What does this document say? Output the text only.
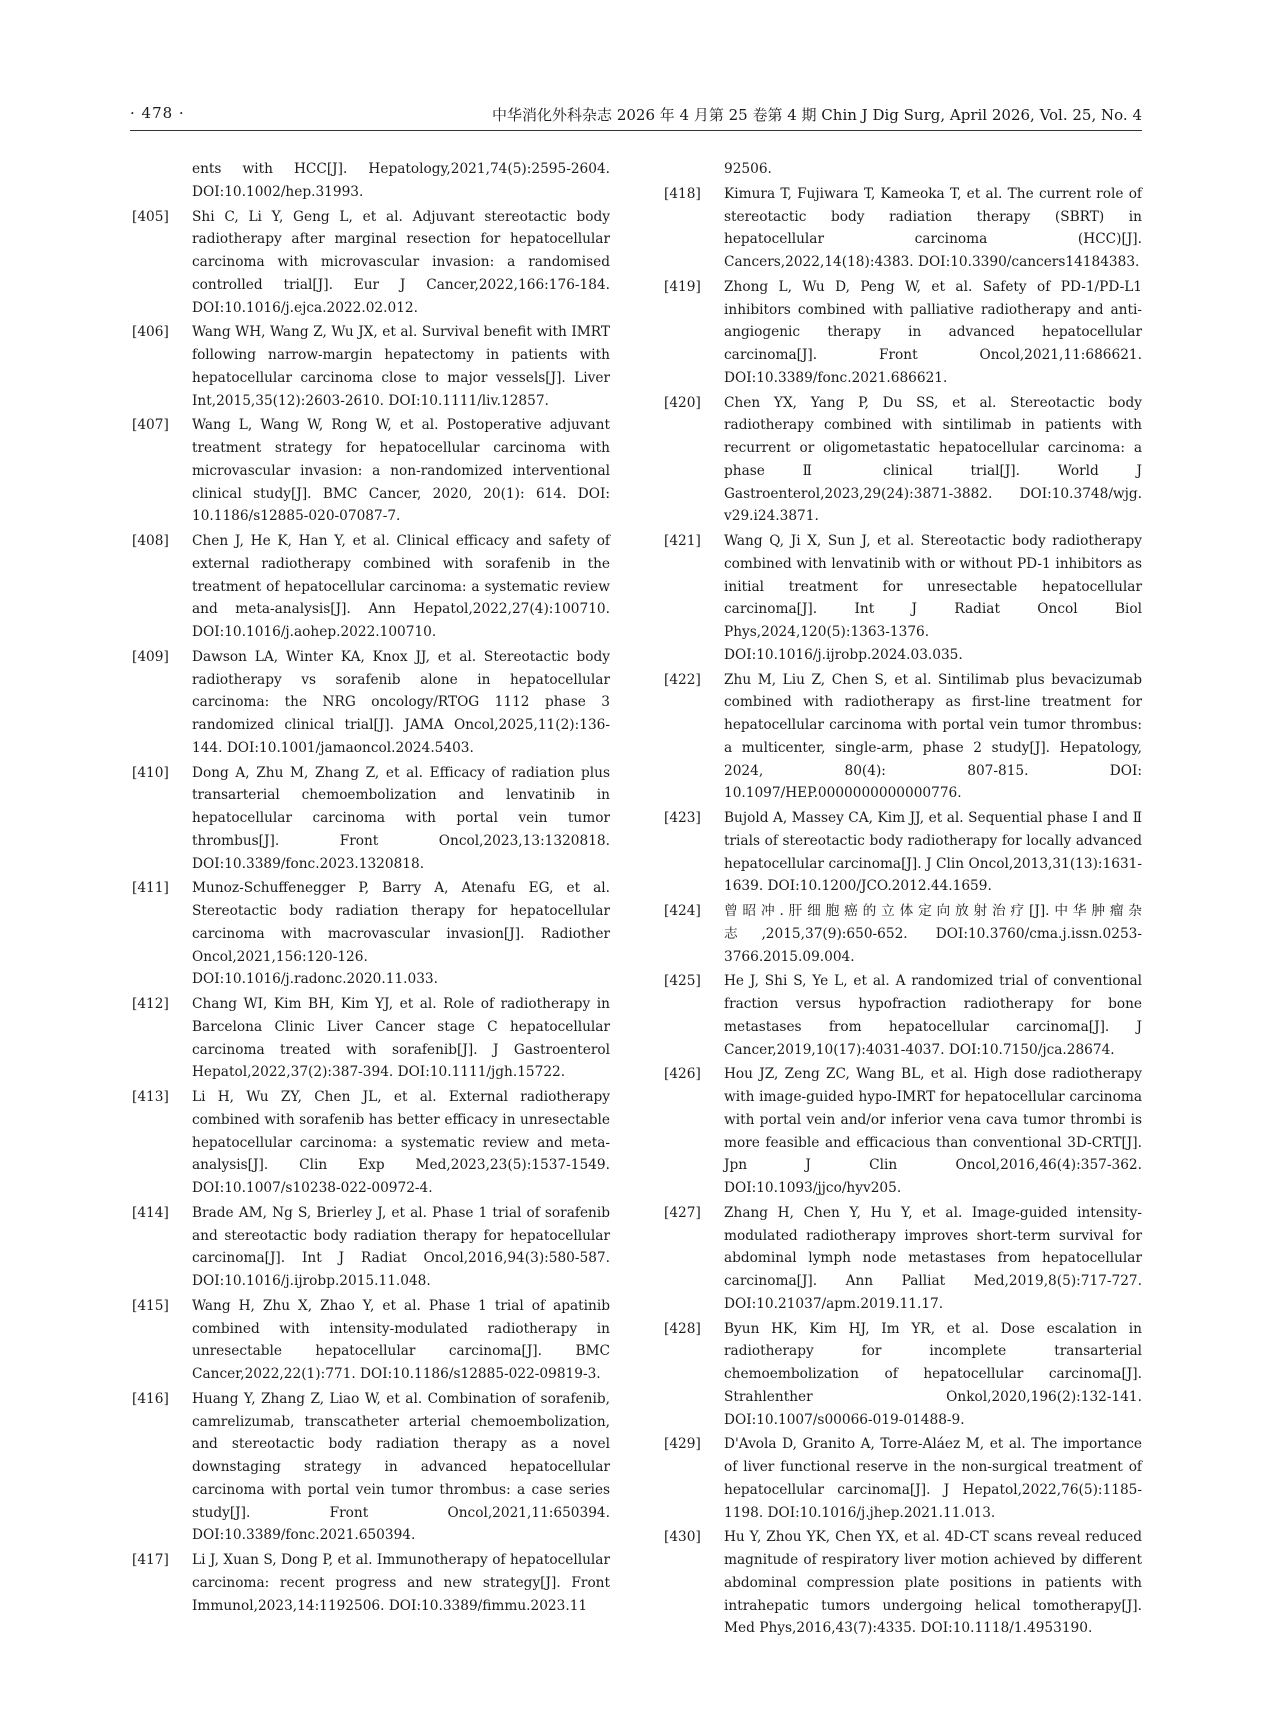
· 478 ·	中华消化外科杂志 2026 年 4 月第 25 卷第 4 期 Chin J Dig Surg, April 2026, Vol. 25, No. 4
ents with HCC[J]. Hepatology,2021,74(5):2595-2604. DOI:10.1002/hep.31993.
[405] Shi C, Li Y, Geng L, et al. Adjuvant stereotactic body radiotherapy after marginal resection for hepatocellular carcinoma with microvascular invasion: a randomised controlled trial[J]. Eur J Cancer,2022,166:176-184. DOI:10.1016/j.ejca.2022.02.012.
[406] Wang WH, Wang Z, Wu JX, et al. Survival benefit with IMRT following narrow-margin hepatectomy in patients with hepatocellular carcinoma close to major vessels[J]. Liver Int,2015,35(12):2603-2610. DOI:10.1111/liv.12857.
[407] Wang L, Wang W, Rong W, et al. Postoperative adjuvant treatment strategy for hepatocellular carcinoma with microvascular invasion: a non-randomized interventional clinical study[J]. BMC Cancer, 2020, 20(1): 614. DOI: 10.1186/s12885-020-07087-7.
[408] Chen J, He K, Han Y, et al. Clinical efficacy and safety of external radiotherapy combined with sorafenib in the treatment of hepatocellular carcinoma: a systematic review and meta-analysis[J]. Ann Hepatol,2022,27(4):100710. DOI:10.1016/j.aohep.2022.100710.
[409] Dawson LA, Winter KA, Knox JJ, et al. Stereotactic body radiotherapy vs sorafenib alone in hepatocellular carcinoma: the NRG oncology/RTOG 1112 phase 3 randomized clinical trial[J]. JAMA Oncol,2025,11(2):136-144. DOI:10.1001/jamaoncol.2024.5403.
[410] Dong A, Zhu M, Zhang Z, et al. Efficacy of radiation plus transarterial chemoembolization and lenvatinib in hepatocellular carcinoma with portal vein tumor thrombus[J]. Front Oncol,2023,13:1320818. DOI:10.3389/fonc.2023.1320818.
[411] Munoz-Schuffenegger P, Barry A, Atenafu EG, et al. Stereotactic body radiation therapy for hepatocellular carcinoma with macrovascular invasion[J]. Radiother Oncol,2021,156:120-126. DOI:10.1016/j.radonc.2020.11.033.
[412] Chang WI, Kim BH, Kim YJ, et al. Role of radiotherapy in Barcelona Clinic Liver Cancer stage C hepatocellular carcinoma treated with sorafenib[J]. J Gastroenterol Hepatol,2022,37(2):387-394. DOI:10.1111/jgh.15722.
[413] Li H, Wu ZY, Chen JL, et al. External radiotherapy combined with sorafenib has better efficacy in unresectable hepatocellular carcinoma: a systematic review and meta-analysis[J]. Clin Exp Med,2023,23(5):1537-1549. DOI:10.1007/s10238-022-00972-4.
[414] Brade AM, Ng S, Brierley J, et al. Phase 1 trial of sorafenib and stereotactic body radiation therapy for hepatocellular carcinoma[J]. Int J Radiat Oncol,2016,94(3):580-587. DOI:10.1016/j.ijrobp.2015.11.048.
[415] Wang H, Zhu X, Zhao Y, et al. Phase 1 trial of apatinib combined with intensity-modulated radiotherapy in unresectable hepatocellular carcinoma[J]. BMC Cancer,2022,22(1):771. DOI:10.1186/s12885-022-09819-3.
[416] Huang Y, Zhang Z, Liao W, et al. Combination of sorafenib, camrelizumab, transcatheter arterial chemoembolization, and stereotactic body radiation therapy as a novel downstaging strategy in advanced hepatocellular carcinoma with portal vein tumor thrombus: a case series study[J]. Front Oncol,2021,11:650394. DOI:10.3389/fonc.2021.650394.
[417] Li J, Xuan S, Dong P, et al. Immunotherapy of hepatocellular carcinoma: recent progress and new strategy[J]. Front Immunol,2023,14:1192506. DOI:10.3389/fimmu.2023.11
92506.
[418] Kimura T, Fujiwara T, Kameoka T, et al. The current role of stereotactic body radiation therapy (SBRT) in hepatocellular carcinoma (HCC)[J]. Cancers,2022,14(18):4383. DOI:10.3390/cancers14184383.
[419] Zhong L, Wu D, Peng W, et al. Safety of PD-1/PD-L1 inhibitors combined with palliative radiotherapy and anti-angiogenic therapy in advanced hepatocellular carcinoma[J]. Front Oncol,2021,11:686621. DOI:10.3389/fonc.2021.686621.
[420] Chen YX, Yang P, Du SS, et al. Stereotactic body radiotherapy combined with sintilimab in patients with recurrent or oligometastatic hepatocellular carcinoma: a phase Ⅱ clinical trial[J]. World J Gastroenterol,2023,29(24):3871-3882. DOI:10.3748/wjg. v29.i24.3871.
[421] Wang Q, Ji X, Sun J, et al. Stereotactic body radiotherapy combined with lenvatinib with or without PD-1 inhibitors as initial treatment for unresectable hepatocellular carcinoma[J]. Int J Radiat Oncol Biol Phys,2024,120(5):1363-1376. DOI:10.1016/j.ijrobp.2024.03.035.
[422] Zhu M, Liu Z, Chen S, et al. Sintilimab plus bevacizumab combined with radiotherapy as first-line treatment for hepatocellular carcinoma with portal vein tumor thrombus: a multicenter, single-arm, phase 2 study[J]. Hepatology, 2024, 80(4): 807-815. DOI: 10.1097/HEP.0000000000000776.
[423] Bujold A, Massey CA, Kim JJ, et al. Sequential phase Ⅰ and Ⅱ trials of stereotactic body radiotherapy for locally advanced hepatocellular carcinoma[J]. J Clin Oncol,2013,31(13):1631-1639. DOI:10.1200/JCO.2012.44.1659.
[424] 曾昭冲.肝细胞癌的立体定向放射治疗[J].中华肿瘤杂志,2015,37(9):650-652. DOI:10.3760/cma.j.issn.0253-3766.2015.09.004.
[425] He J, Shi S, Ye L, et al. A randomized trial of conventional fraction versus hypofraction radiotherapy for bone metastases from hepatocellular carcinoma[J]. J Cancer,2019,10(17):4031-4037. DOI:10.7150/jca.28674.
[426] Hou JZ, Zeng ZC, Wang BL, et al. High dose radiotherapy with image-guided hypo-IMRT for hepatocellular carcinoma with portal vein and/or inferior vena cava tumor thrombi is more feasible and efficacious than conventional 3D-CRT[J]. Jpn J Clin Oncol,2016,46(4):357-362. DOI:10.1093/jjco/hyv205.
[427] Zhang H, Chen Y, Hu Y, et al. Image-guided intensity-modulated radiotherapy improves short-term survival for abdominal lymph node metastases from hepatocellular carcinoma[J]. Ann Palliat Med,2019,8(5):717-727. DOI:10.21037/apm.2019.11.17.
[428] Byun HK, Kim HJ, Im YR, et al. Dose escalation in radiotherapy for incomplete transarterial chemoembolization of hepatocellular carcinoma[J]. Strahlenther Onkol,2020,196(2):132-141. DOI:10.1007/s00066-019-01488-9.
[429] D'Avola D, Granito A, Torre-Aláez M, et al. The importance of liver functional reserve in the non-surgical treatment of hepatocellular carcinoma[J]. J Hepatol,2022,76(5):1185-1198. DOI:10.1016/j.jhep.2021.11.013.
[430] Hu Y, Zhou YK, Chen YX, et al. 4D-CT scans reveal reduced magnitude of respiratory liver motion achieved by different abdominal compression plate positions in patients with intrahepatic tumors undergoing helical tomotherapy[J]. Med Phys,2016,43(7):4335. DOI:10.1118/1.4953190.
